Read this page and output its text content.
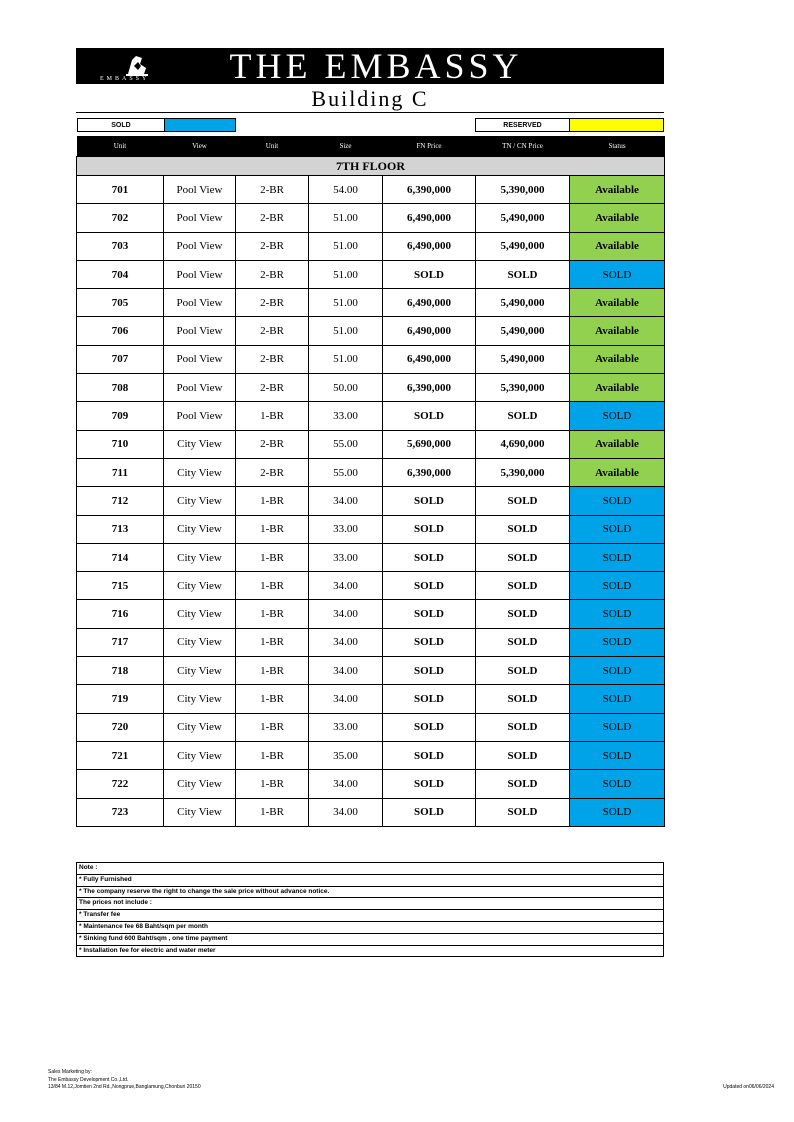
EMBASSY	THE EMBASSY
Building C
SOLD	RESERVED
Unit	View	Unit	Size	FN Price	TN / CN Price	Status
7TH FLOOR						
701	Pool View	2-BR	54.00	6,390,000	5,390,000	Available
702	Pool View	2-BR	51.00	6,490,000	5,490,000	Available
703	Pool View	2-BR	51.00	6,490,000	5,490,000	Available
704	Pool View	2-BR	51.00	SOLD	SOLD	SOLD
705	Pool View	2-BR	51.00	6,490,000	5,490,000	Available
706	Pool View	2-BR	51.00	6,490,000	5,490,000	Available
707	Pool View	2-BR	51.00	6,490,000	5,490,000	Available
708	Pool View	2-BR	50.00	6,390,000	5,390,000	Available
709	Pool View	1-BR	33.00	SOLD	SOLD	SOLD
710	City View	2-BR	55.00	5,690,000	4,690,000	Available
711	City View	2-BR	55.00	6,390,000	5,390,000	Available
712	City View	1-BR	34.00	SOLD	SOLD	SOLD
713	City View	1-BR	33.00	SOLD	SOLD	SOLD
714	City View	1-BR	33.00	SOLD	SOLD	SOLD
715	City View	1-BR	34.00	SOLD	SOLD	SOLD
716	City View	1-BR	34.00	SOLD	SOLD	SOLD
717	City View	1-BR	34.00	SOLD	SOLD	SOLD
718	City View	1-BR	34.00	SOLD	SOLD	SOLD
719	City View	1-BR	34.00	SOLD	SOLD	SOLD
720	City View	1-BR	33.00	SOLD	SOLD	SOLD
721	City View	1-BR	35.00	SOLD	SOLD	SOLD
722	City View	1-BR	34.00	SOLD	SOLD	SOLD
723	City View	1-BR	34.00	SOLD	SOLD	SOLD
Note :
* Fully Furnished
* The company reserve the right to change the sale price without advance notice.
The prices not include :
* Transfer fee
* Maintenance fee 68 Baht/sqm per month
* Sinking fund 600 Baht/sqm , one time payment
* Installation fee for electric and water meter
Sales Marketing by:
The Embassy Development Co.,Ltd.
13/84 M.12,Jomtien 2nd Rd.,Nongprue,Banglamung,Chonburi 20150	Updated on06/06/2024
